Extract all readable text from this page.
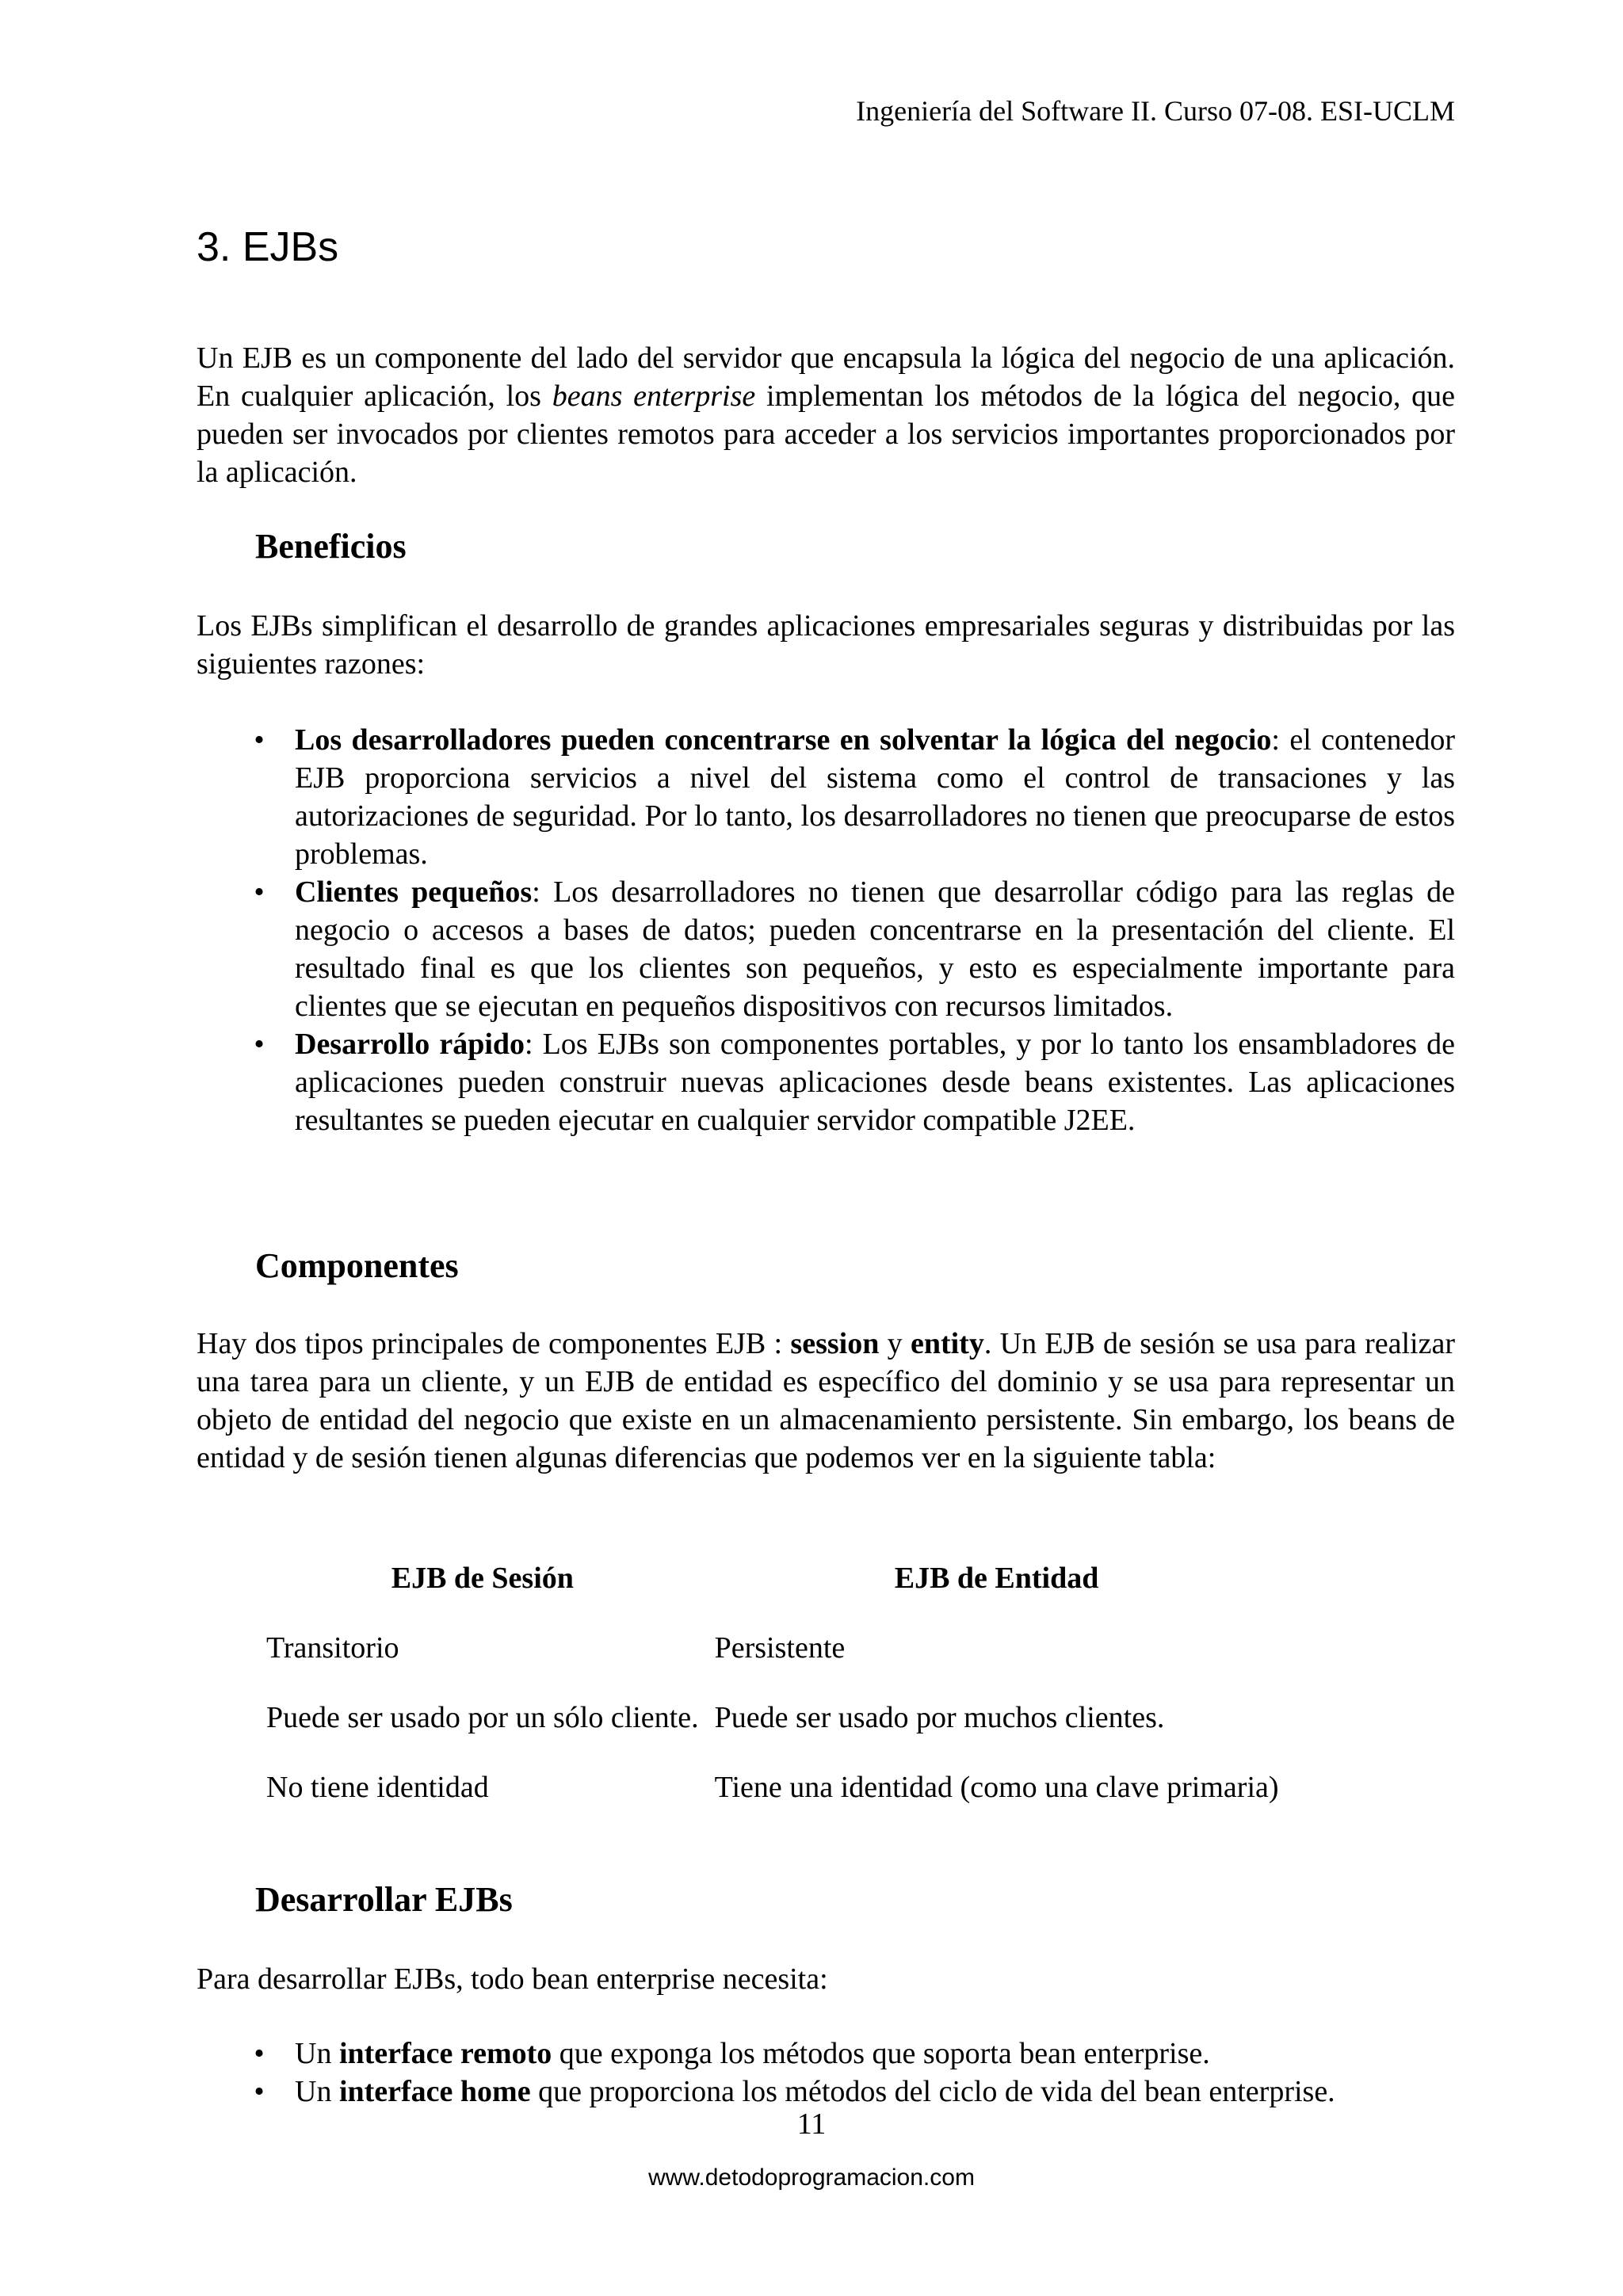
Ingeniería del Software II. Curso 07-08. ESI-UCLM
3. EJBs

Un EJB es un componente del lado del servidor que encapsula la lógica del negocio de una aplicación. En cualquier aplicación, los beans enterprise implementan los métodos de la lógica del negocio, que pueden ser invocados por clientes remotos para acceder a los servicios importantes proporcionados por la aplicación.

Beneficios

Los EJBs simplifican el desarrollo de grandes aplicaciones empresariales seguras y distribuidas por las siguientes razones:

• Los desarrolladores pueden concentrarse en solventar la lógica del negocio: el contenedor EJB proporciona servicios a nivel del sistema como el control de transaciones y las autorizaciones de seguridad. Por lo tanto, los desarrolladores no tienen que preocuparse de estos problemas.
• Clientes pequeños: Los desarrolladores no tienen que desarrollar código para las reglas de negocio o accesos a bases de datos; pueden concentrarse en la presentación del cliente. El resultado final es que los clientes son pequeños, y esto es especialmente importante para clientes que se ejecutan en pequeños dispositivos con recursos limitados.
• Desarrollo rápido: Los EJBs son componentes portables, y por lo tanto los ensambladores de aplicaciones pueden construir nuevas aplicaciones desde beans existentes. Las aplicaciones resultantes se pueden ejecutar en cualquier servidor compatible J2EE.
Componentes

Hay dos tipos principales de componentes EJB : session y entity. Un EJB de sesión se usa para realizar una tarea para un cliente, y un EJB de entidad es específico del dominio y se usa para representar un objeto de entidad del negocio que existe en un almacenamiento persistente. Sin embargo, los beans de entidad y de sesión tienen algunas diferencias que podemos ver en la siguiente tabla:

EJB de Sesión	EJB de Entidad
Transitorio	Persistente
Puede ser usado por un sólo cliente.	Puede ser usado por muchos clientes.
No tiene identidad	Tiene una identidad (como una clave primaria)
Desarrollar EJBs

Para desarrollar EJBs, todo bean enterprise necesita:

• Un interface remoto que exponga los métodos que soporta bean enterprise.
• Un interface home que proporciona los métodos del ciclo de vida del bean enterprise.
11
www.detodoprogramacion.com
